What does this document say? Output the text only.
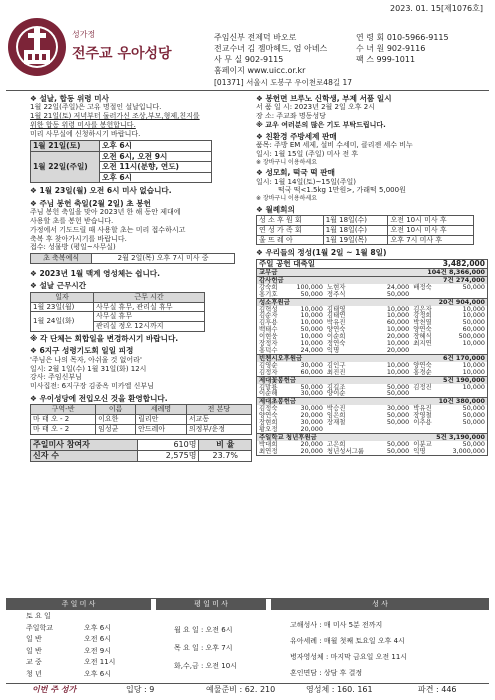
2023. 01. 15[제1076호]
성가정
전주교 우아성당
주임신부 전제덕 바오로
전교수녀 김 젬마헤드, 엄 아녜스
사 무 실 902-9115
홈페이지 www.uicc.or.kr
연 령 회 010-5966-9115
수 녀 원 902-9116
팩 스 999-1011
[01371] 서울시 도봉구 우이천로48길 17
❖ 설날, 합동 위령 미사
1월 22일(주일)은 고유 명절인 설날입니다.
1월 21일(토) 저녁부터 둘러가신 조상,부모,형제,친지를
위한 합동 위령 미사를 봉헌합니다.
미리 사무실에 신청하시기 바랍니다.
1월 21일(토)	오후 6시
1월 22일(주일)	오전 6시, 오전 9시
	오전 11시(분향, 연도)
	오후 6시
❖ 1월 23일(월) 오전 6시 미사 없습니다.
❖ 주님 봉헌 축일(2월 2일) 초 봉헌
주님 봉헌 축일을 맞아 2023년 한 해 동안 제대에
사용할 초를 봉헌 받습니다.
가정에서 기도드릴 때 사용할 초는 미리 접수하시고
축복 후 찾아가시기를 바랍니다.
접수: 성물방 (평일~사무실)
초 축복예식	2월 2일(목) 오후 7시 미사 중
❖ 2023년 1월 맥계 영성체는 쉽니다.
❖ 설날 근무시간
일자	근무 시간
1월 23일(월)	사무실 휴무, 관리실 휴무
1월 24일(화)	사무실 휴무
	관리실 정오 12시까지
※ 각 단체는 회합일을 변경하시기 바랍니다.
❖ 6지구 성령기도회 일일 피정
'주님은 나의 목자, 아쉬울 것 없어라'
일시: 2월 1일(수) 1월 31일(화) 12시
강사: 주임신부님
미사집전: 6지구장 김종옥 미카엘 신부님
❖ 우이성당에 전입오신 것을 환영합니다.
구역-반	이름	세례명	전 본당
마 태 오 - 2	이요한	릴리안	서교동
마 태 오 - 2	임성균	안드레아	의정부/운정
주일미사 참여자	610명	비 율
신자 수	2,575명	23.7%
❖ 봉헌면 브루노 신학생, 부제 서품 일시
서 품 일 시: 2023년 2월 2일 오후 2시
장 소: 주교좌 명동성당
※ 교우 여러분의 많은 기도 부탁드립니다.
❖ 친환경 주방세제 판매
품목: 주방 EM 세제, 설비 수세미, 클리젠 세수 비누
일시: 1월 15일 (주일) 미사 전 후
※ 장바구니 이용하세요
❖ 성모회, 떡국 떡 판매
일시: 1월 14일(토)~15일(주일)
떡국 떡<1.5kg 1만원>, 가래떡 5,000원
※ 장바구니 이용하세요
❖ 월례회의
성 소 후 원 회	1월 18일(수)	오전 10시 미사 후
연 성 가 족 회	1월 18일(수)	오전 10시 미사 후
울 뜨 레 아	1월 19일(목)	오후 7시 미사 후
❖ 우리들의 정성(1월 2일 ~ 1월 8일)
주일 공헌 대축일				3,482,000	
교무금			104건 8,366,000		
감사헌금			7건 274,000		
강숙희	100,000	노현자	24,000	배정숙	50,000
홍기호	50,000	정주식	50,000		
성소후원금			20건 904,000		
김혁성	10,000	김태영	10,000	김은자	10,000
김순자	10,000	김태연	10,000	강정희	10,000
김후용	10,000	박유진	60,000	박천열	50,000
백태수	50,000	양연숙	10,000	양연숙	60,000
이현웅	10,000	이순희	20,000	장혜식	500,000
장정자	10,000	정연숙	10,000	최지연	10,000
홍덕수	24,000	익명	20,000		
빈첸시오후원금			6건 170,000		
김영순	30,000	김인구	10,000	양연숙	10,000
김정자	60,000	최진진	10,000	홍경순	10,000
제대꽃봉헌금			5건 190,000		
김말룡	50,000	김길조	50,000	김정진	10,000
이순해	30,000	양이순	50,000		
제대초봉헌금			10건 380,000		
김정숙	30,000	박승진	30,000	박유진	50,000
양연숙	20,000	임은희	50,000	장영철	50,000
장현희	30,000	장재철	50,000	이추용	50,000
황오정	20,000				
주일학교 청년후원금			5건 3,190,000		
박대희	20,000	고은희	50,000	이분교	50,000
최연정	20,000	청년성서그룹	50,000	익명	3,000,000
주 일 미 사	평 일 미 사	성 사
토 요 일
주일학교	오후 6시
일 반	오전 6시
일 반	오전 9시
교 중	오전 11시
청 년	오후 6시
월 요 일 : 오전 6시
목 요 일 : 오후 7시
화,수,금 : 오전 10시
고해성사 : 매 미사 5분 전까지
유아세례 : 매월 첫째 토요일 오후 4시
병자영성체 : 마지막 금요일 오전 11시
혼인면담 : 상담 후 결정
이번 주 성가	입당 : 9	예물준비 : 62. 210	영성체 : 160. 161	파견 : 446
